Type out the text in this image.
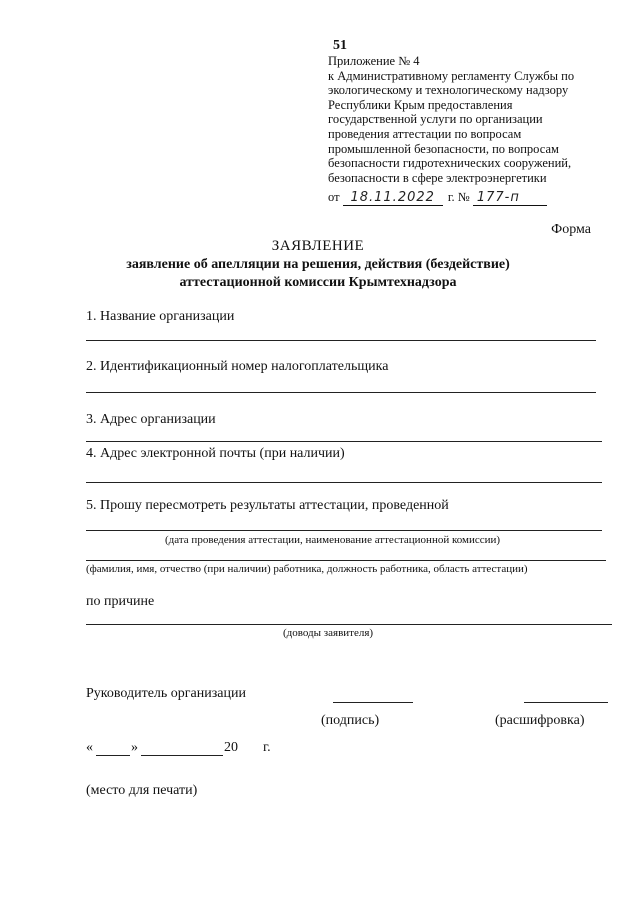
51
Приложение № 4
к Административному регламенту Службы по
экологическому и технологическому надзору
Республики Крым предоставления
государственной услуги по организации
проведения аттестации по вопросам
промышленной безопасности, по вопросам
безопасности гидротехнических сооружений,
безопасности в сфере электроэнергетики
от 18.11.2022 г. № 177-п
Форма
ЗАЯВЛЕНИЕ
заявление об апелляции на решения, действия (бездействие)
аттестационной комиссии Крымтехнадзора
1. Название организации
2. Идентификационный номер налогоплательщика
3. Адрес организации
4. Адрес электронной почты (при наличии)
5. Прошу пересмотреть результаты аттестации, проведенной
(дата проведения аттестации, наименование аттестационной комиссии)
(фамилия, имя, отчество (при наличии) работника, должность работника, область аттестации)
по причине
(доводы заявителя)
Руководитель организации
(подпись)	(расшифровка)
«	»	20 г.
(место для печати)
